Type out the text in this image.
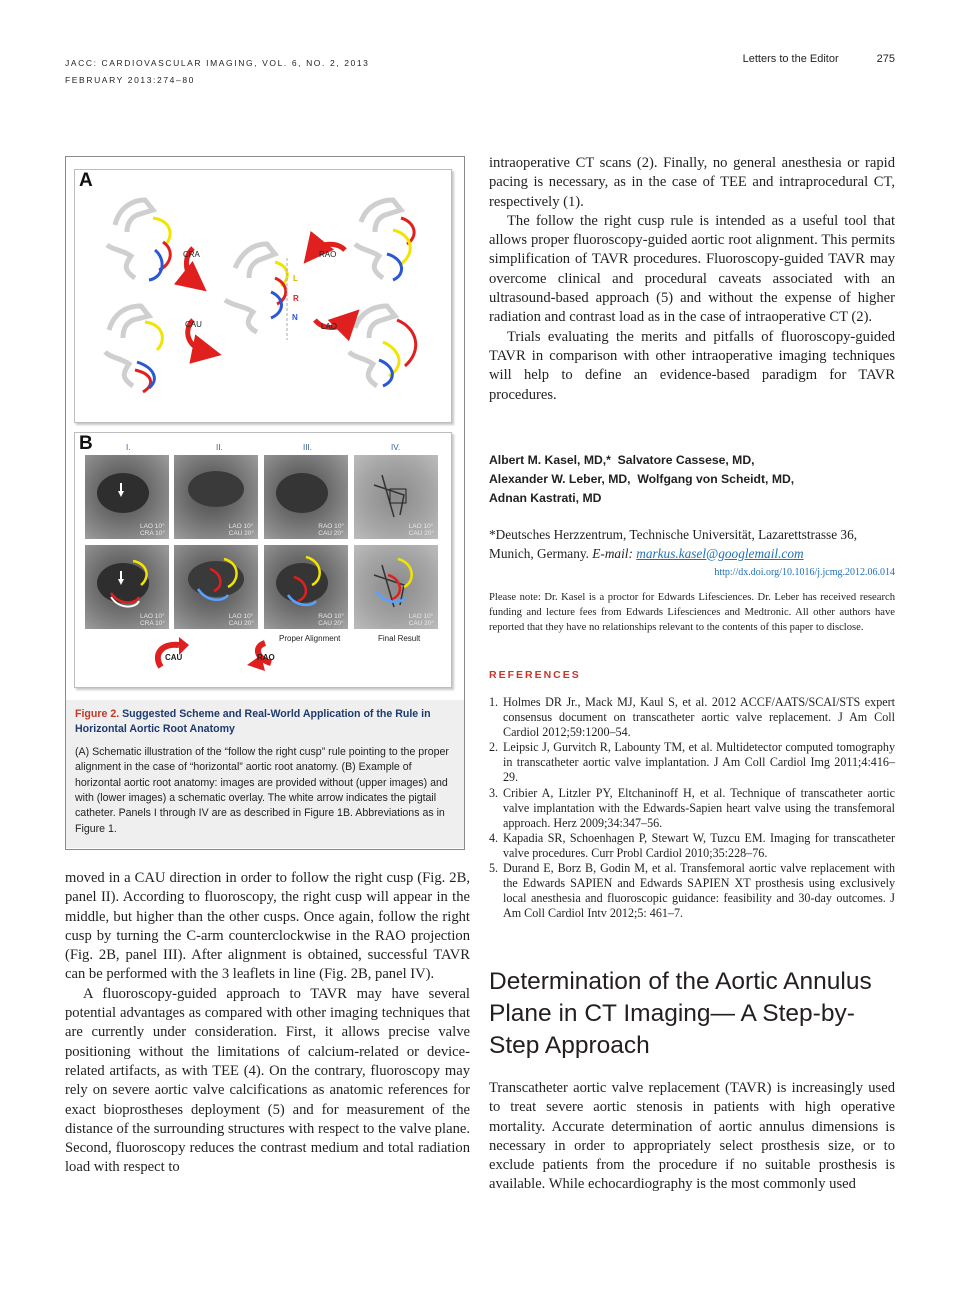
JACC: CARDIOVASCULAR IMAGING, VOL. 6, NO. 2, 2013
FEBRUARY 2013:274–80
Letters to the Editor	275
A
CRA
CAU
RAO
LAO
L
R
N
B	I.	II.	III.	IV.
LAO 10°
CRA 10°
LAO 10°
CAU 20°
RAO 10°
CAU 20°
LAO 10°
CAU 20°
LAO 10°
CRA 10°
LAO 10°
CAU 20°
RAO 10°
CAU 20°
LAO 10°
CAU 20°
Proper Alignment	Final Result
CAU	RAO

Figure 2. Suggested Scheme and Real-World Application of the Rule in Horizontal Aortic Root Anatomy

(A) Schematic illustration of the “follow the right cusp” rule pointing to the proper alignment in the case of “horizontal” aortic root anatomy. (B) Example of horizontal aortic root anatomy: images are provided without (upper images) and with (lower images) a schematic overlay. The white arrow indicates the pigtail catheter. Panels I through IV are as described in Figure 1B. Abbreviations as in Figure 1.

moved in a CAU direction in order to follow the right cusp (Fig. 2B, panel II). According to fluoroscopy, the right cusp will appear in the middle, but higher than the other cusps. Once again, follow the right cusp by turning the C-arm counterclockwise in the RAO projection (Fig. 2B, panel III). After alignment is obtained, successful TAVR can be performed with the 3 leaflets in line (Fig. 2B, panel IV).

A fluoroscopy-guided approach to TAVR may have several potential advantages as compared with other imaging techniques that are currently under consideration. First, it allows precise valve positioning without the limitations of calcium-related or device-related artifacts, as with TEE (4). On the contrary, fluoroscopy may rely on severe aortic valve calcifications as anatomic references for exact bioprostheses deployment (5) and for measurement of the distance of the surrounding structures with respect to the valve plane. Second, fluoroscopy reduces the contrast medium and total radiation load with respect to

intraoperative CT scans (2). Finally, no general anesthesia or rapid pacing is necessary, as in the case of TEE and intraprocedural CT, respectively (1).

The follow the right cusp rule is intended as a useful tool that allows proper fluoroscopy-guided aortic root alignment. This permits simplification of TAVR procedures. Fluoroscopy-guided TAVR may overcome clinical and procedural caveats associated with an ultrasound-based approach (5) and without the expense of higher radiation and contrast load as in the case of intraoperative CT (2).

Trials evaluating the merits and pitfalls of fluoroscopy-guided TAVR in comparison with other intraoperative imaging techniques will help to define an evidence-based paradigm for TAVR procedures.

Albert M. Kasel, MD,*  Salvatore Cassese, MD,
Alexander W. Leber, MD,  Wolfgang von Scheidt, MD,
Adnan Kastrati, MD
*Deutsches Herzzentrum, Technische Universität, Lazarettstrasse 36, Munich, Germany. E-mail: markus.kasel@googlemail.com
http://dx.doi.org/10.1016/j.jcmg.2012.06.014
Please note: Dr. Kasel is a proctor for Edwards Lifesciences. Dr. Leber has received research funding and lecture fees from Edwards Lifesciences and Medtronic. All other authors have reported that they have no relationships relevant to the contents of this paper to disclose.
REFERENCES
1. Holmes DR Jr., Mack MJ, Kaul S, et al. 2012 ACCF/AATS/SCAI/STS expert consensus document on transcatheter aortic valve replacement. J Am Coll Cardiol 2012;59:1200–54.
2. Leipsic J, Gurvitch R, Labounty TM, et al. Multidetector computed tomography in transcatheter aortic valve implantation. J Am Coll Cardiol Img 2011;4:416–29.
3. Cribier A, Litzler PY, Eltchaninoff H, et al. Technique of transcatheter aortic valve implantation with the Edwards-Sapien heart valve using the transfemoral approach. Herz 2009;34:347–56.
4. Kapadia SR, Schoenhagen P, Stewart W, Tuzcu EM. Imaging for transcatheter valve procedures. Curr Probl Cardiol 2010;35:228–76.
5. Durand E, Borz B, Godin M, et al. Transfemoral aortic valve replacement with the Edwards SAPIEN and Edwards SAPIEN XT prosthesis using exclusively local anesthesia and fluoroscopic guidance: feasibility and 30-day outcomes. J Am Coll Cardiol Intv 2012;5: 461–7.
Determination of the Aortic Annulus Plane in CT Imaging— A Step-by-Step Approach

Transcatheter aortic valve replacement (TAVR) is increasingly used to treat severe aortic stenosis in patients with high operative mortality. Accurate determination of aortic annulus dimensions is necessary in order to appropriately select prosthesis size, or to exclude patients from the procedure if no suitable prosthesis is available. While echocardiography is the most commonly used
